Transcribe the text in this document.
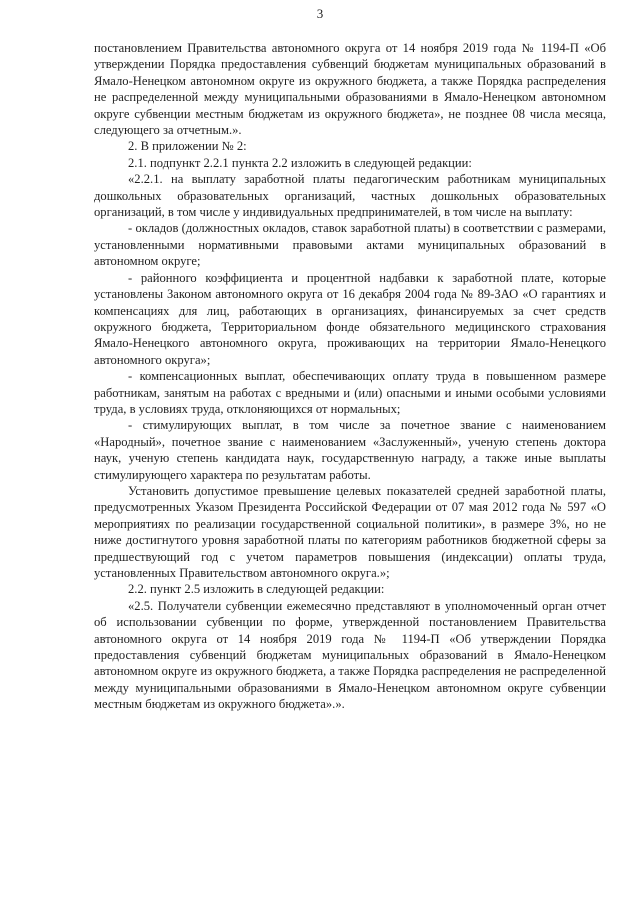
3

постановлением Правительства автономного округа от 14 ноября 2019 года № 1194-П «Об утверждении Порядка предоставления субвенций бюджетам муниципальных образований в Ямало-Ненецком автономном округе из окружного бюджета, а также Порядка распределения не распределенной между муниципальными образованиями в Ямало-Ненецком автономном округе субвенции местным бюджетам из окружного бюджета», не позднее 08 числа месяца, следующего за отчетным.».

2. В приложении № 2:

2.1. подпункт 2.2.1 пункта 2.2 изложить в следующей редакции:

«2.2.1. на выплату заработной платы педагогическим работникам муниципальных дошкольных образовательных организаций, частных дошкольных образовательных организаций, в том числе у индивидуальных предпринимателей, в том числе на выплату:

- окладов (должностных окладов, ставок заработной платы) в соответствии с размерами, установленными нормативными правовыми актами муниципальных образований в автономном округе;

- районного коэффициента и процентной надбавки к заработной плате, которые установлены Законом автономного округа от 16 декабря 2004 года № 89-ЗАО «О гарантиях и компенсациях для лиц, работающих в организациях, финансируемых за счет средств окружного бюджета, Территориальном фонде обязательного медицинского страхования Ямало-Ненецкого автономного округа, проживающих на территории Ямало-Ненецкого автономного округа»;

- компенсационных выплат, обеспечивающих оплату труда в повышенном размере работникам, занятым на работах с вредными и (или) опасными и иными особыми условиями труда, в условиях труда, отклоняющихся от нормальных;

- стимулирующих выплат, в том числе за почетное звание с наименованием «Народный», почетное звание с наименованием «Заслуженный», ученую степень доктора наук, ученую степень кандидата наук, государственную награду, а также иные выплаты стимулирующего характера по результатам работы.

Установить допустимое превышение целевых показателей средней заработной платы, предусмотренных Указом Президента Российской Федерации от 07 мая 2012 года № 597 «О мероприятиях по реализации государственной социальной политики», в размере 3%, но не ниже достигнутого уровня заработной платы по категориям работников бюджетной сферы за предшествующий год с учетом параметров повышения (индексации) оплаты труда, установленных Правительством автономного округа.»;

2.2. пункт 2.5 изложить в следующей редакции:

«2.5. Получатели субвенции ежемесячно представляют в уполномоченный орган отчет об использовании субвенции по форме, утвержденной постановлением Правительства автономного округа от 14 ноября 2019 года № 1194-П «Об утверждении Порядка предоставления субвенций бюджетам муниципальных образований в Ямало-Ненецком автономном округе из окружного бюджета, а также Порядка распределения не распределенной между муниципальными образованиями в Ямало-Ненецком автономном округе субвенции местным бюджетам из окружного бюджета».».
